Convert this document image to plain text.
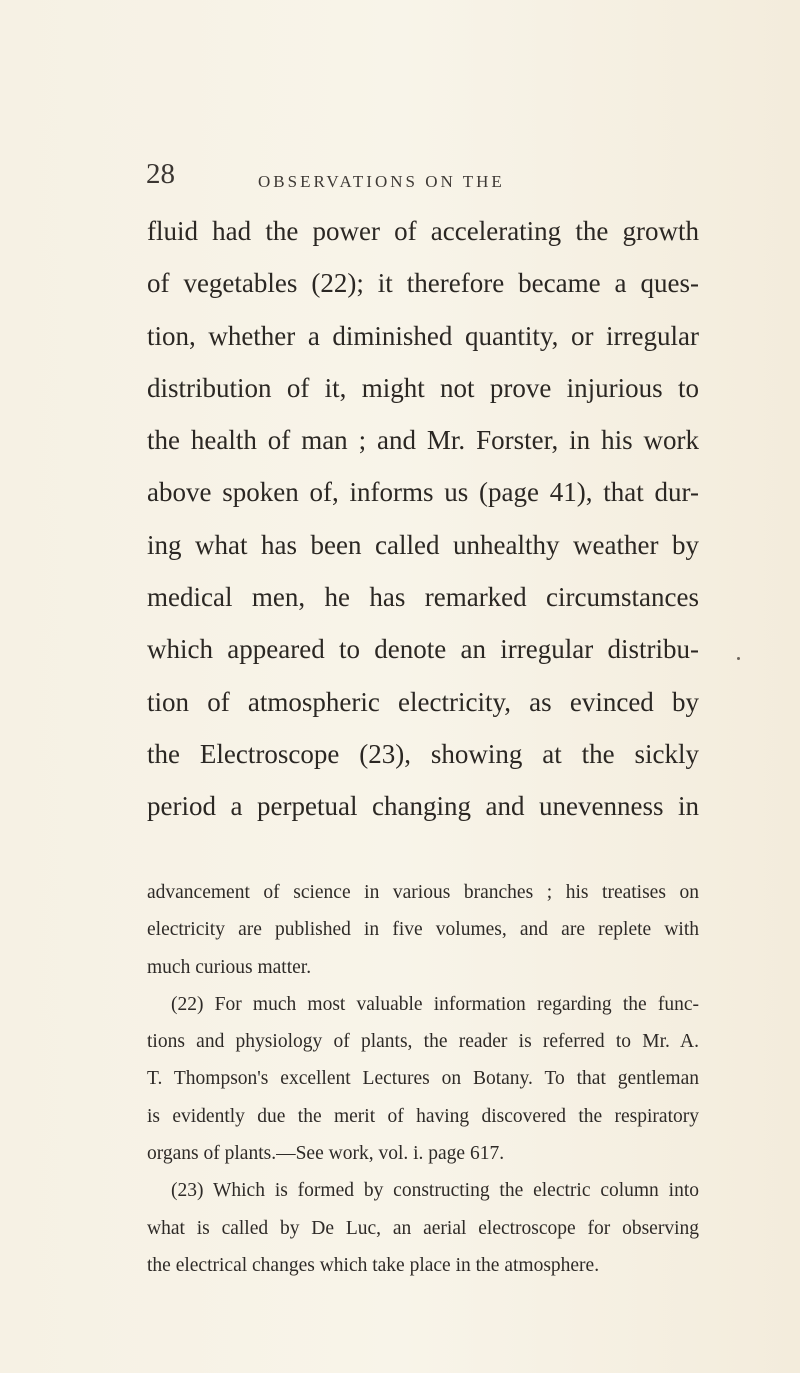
28	OBSERVATIONS ON THE
fluid had the power of accelerating the growth
of vegetables (22); it therefore became a ques-
tion, whether a diminished quantity, or irregular
distribution of it, might not prove injurious to
the health of man ; and Mr. Forster, in his work
above spoken of, informs us (page 41), that dur-
ing what has been called unhealthy weather by
medical men, he has remarked circumstances
which appeared to denote an irregular distribu-
tion of atmospheric electricity, as evinced by
the Electroscope (23), showing at the sickly
period a perpetual changing and unevenness in
advancement of science in various branches ; his treatises on
electricity are published in five volumes, and are replete with
much curious matter.
(22) For much most valuable information regarding the func-
tions and physiology of plants, the reader is referred to Mr. A.
T. Thompson's excellent Lectures on Botany. To that gentleman
is evidently due the merit of having discovered the respiratory
organs of plants.—See work, vol. i. page 617.
(23) Which is formed by constructing the electric column into
what is called by De Luc, an aerial electroscope for observing
the electrical changes which take place in the atmosphere.
